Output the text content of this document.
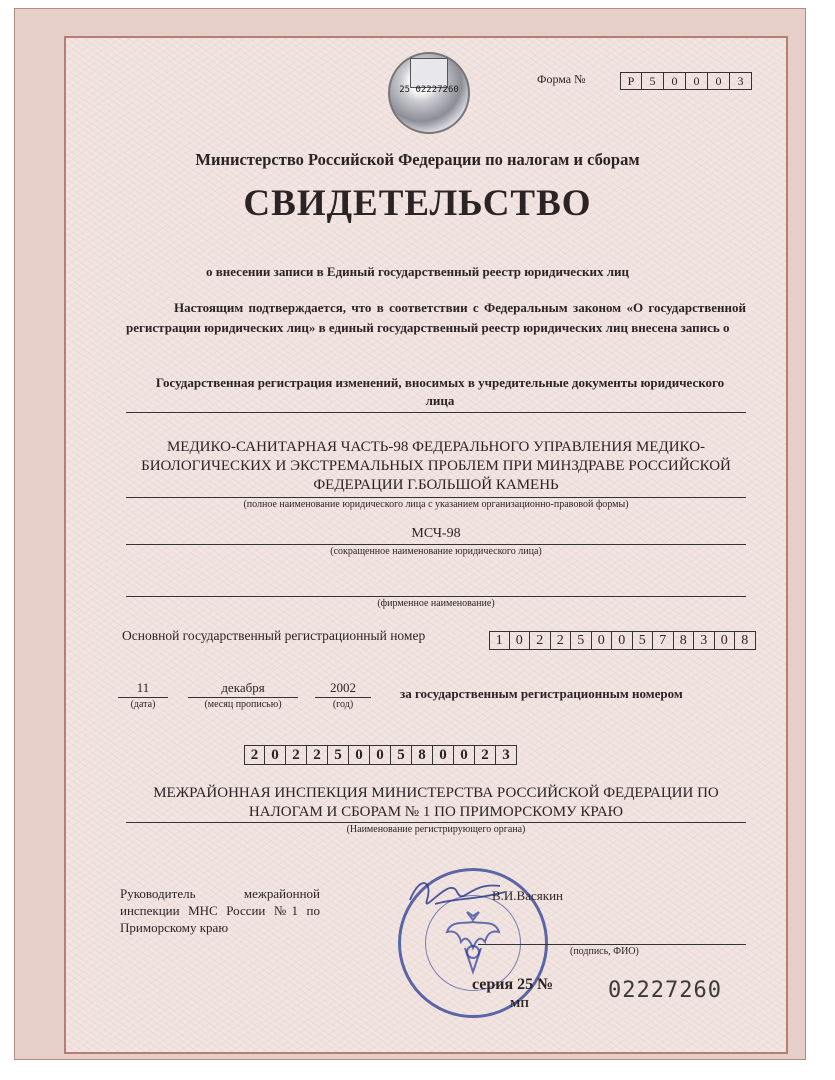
25 02227260
Форма №	Р	5	0	0	0	3
Министерство Российской Федерации по налогам и сборам
СВИДЕТЕЛЬСТВО
о внесении записи в Единый государственный реестр юридических лиц
Настоящим подтверждается, что в соответствии с Федеральным законом «О государственной регистрации юридических лиц» в единый государственный реестр юридических лиц внесена запись о
Государственная регистрация изменений, вносимых в учредительные документы юридического лица
МЕДИКО-САНИТАРНАЯ ЧАСТЬ-98 ФЕДЕРАЛЬНОГО УПРАВЛЕНИЯ МЕДИКО-БИОЛОГИЧЕСКИХ И ЭКСТРЕМАЛЬНЫХ ПРОБЛЕМ ПРИ МИНЗДРАВЕ РОССИЙСКОЙ ФЕДЕРАЦИИ Г.БОЛЬШОЙ КАМЕНЬ
(полное наименование юридического лица с указанием организационно-правовой формы)
МСЧ-98
(сокращенное наименование юридического лица)
(фирменное наименование)
Основной государственный регистрационный номер	1 0 2 2 5 0 0 5 7 8 3 0 8
11
(дата)
декабря
(месяц прописью)
2002
(год)
за государственным регистрационным номером
2 0 2 2 5 0 0 5 8 0 0 2 3
МЕЖРАЙОННАЯ ИНСПЕКЦИЯ МИНИСТЕРСТВА РОССИЙСКОЙ ФЕДЕРАЦИИ ПО НАЛОГАМ И СБОРАМ № 1 ПО ПРИМОРСКОМУ КРАЮ
(Наименование регистрирующего органа)
Руководитель межрайонной инспекции МНС России №1 по Приморскому краю
В.И.Васякин
(подпись, ФИО)
серия 25 №
МП
02227260
